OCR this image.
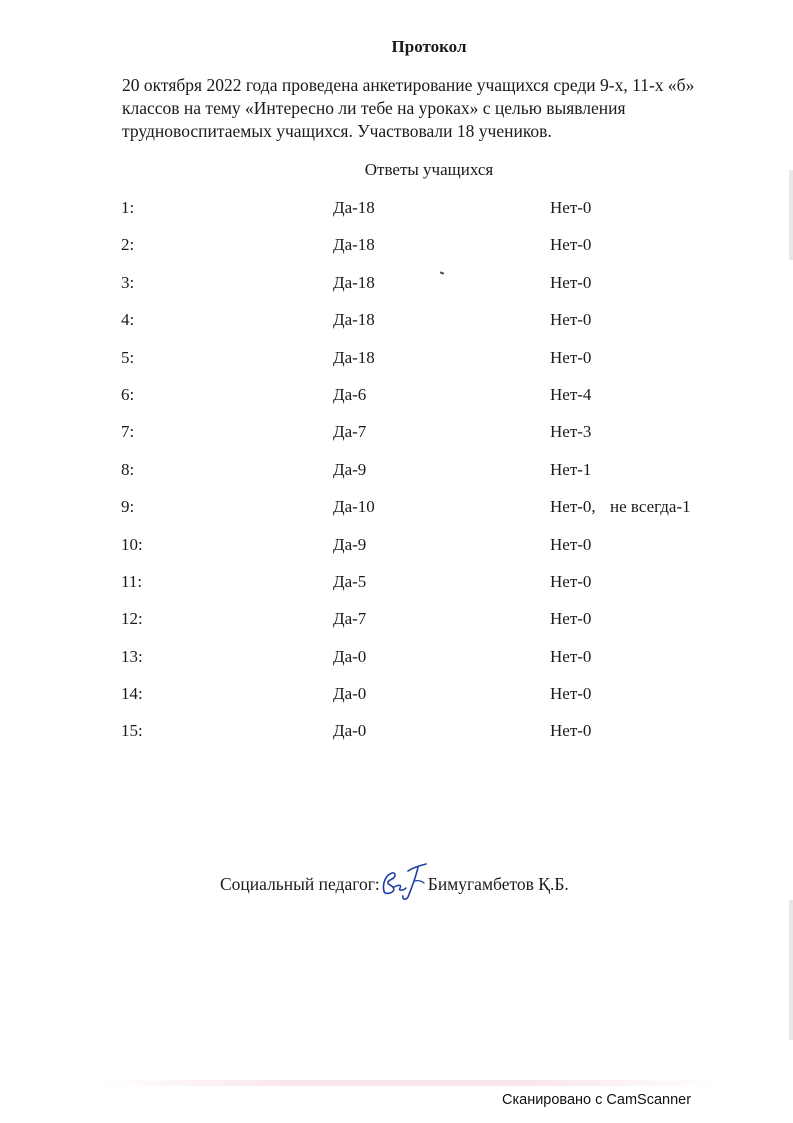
Протокол

20 октября 2022 года проведена анкетирование учащихся среди 9-х, 11-х «б» классов на тему «Интересно ли тебе на уроках» с целью выявления трудновоспитаемых учащихся. Участвовали 18 учеников.

Ответы учащихся
1:	Да-18	Нет-0
2:	Да-18	Нет-0
3:	Да-18	Нет-0
4:	Да-18	Нет-0
5:	Да-18	Нет-0
6:	Да-6	Нет-4
7:	Да-7	Нет-3
8:	Да-9	Нет-1
9:	Да-10	Нет-0, не всегда-1
10:	Да-9	Нет-0
11:	Да-5	Нет-0
12:	Да-7	Нет-0
13:	Да-0	Нет-0
14:	Да-0	Нет-0
15:	Да-0	Нет-0
Социальный педагог:	Бимугамбетов Қ.Б.
Сканировано с CamScanner
